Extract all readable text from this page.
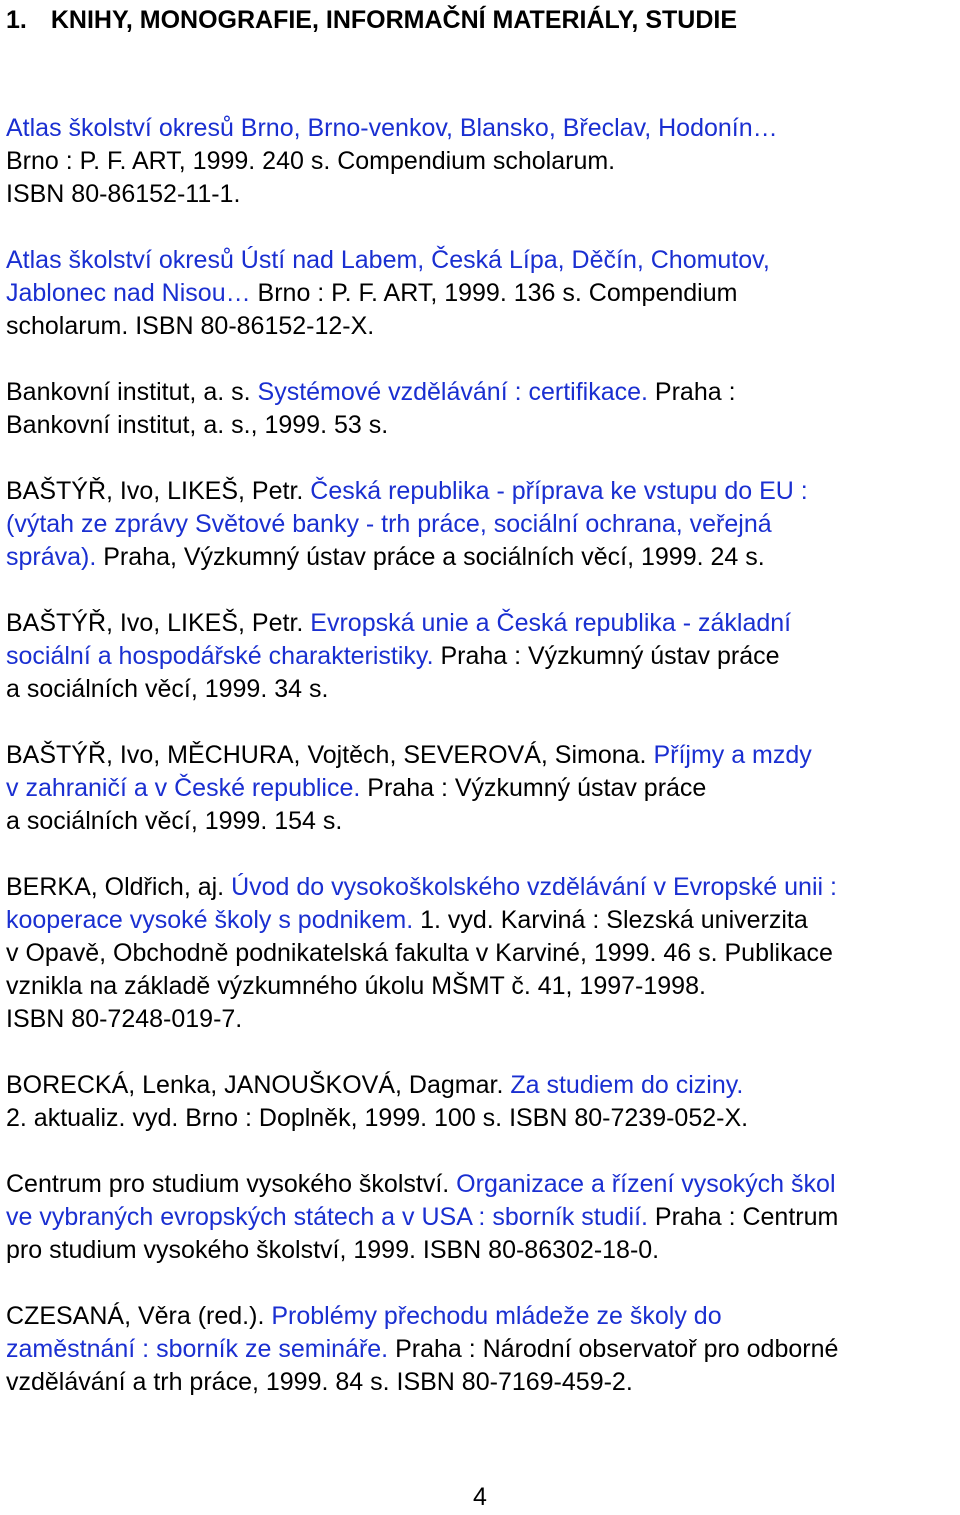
1. KNIHY, MONOGRAFIE, INFORMAČNÍ MATERIÁLY, STUDIE

Atlas školství okresů Brno, Brno-venkov, Blansko, Břeclav, Hodonín…
Brno : P. F. ART, 1999. 240 s. Compendium scholarum.
ISBN 80-86152-11-1.

Atlas školství okresů Ústí nad Labem, Česká Lípa, Děčín, Chomutov,
Jablonec nad Nisou… Brno : P. F. ART, 1999. 136 s. Compendium
scholarum. ISBN 80-86152-12-X.

Bankovní institut, a. s. Systémové vzdělávání : certifikace. Praha :
Bankovní institut, a. s., 1999. 53 s.

BAŠTÝŘ, Ivo, LIKEŠ, Petr. Česká republika - příprava ke vstupu do EU :
(výtah ze zprávy Světové banky - trh práce, sociální ochrana, veřejná
správa). Praha, Výzkumný ústav práce a sociálních věcí, 1999. 24 s.

BAŠTÝŘ, Ivo, LIKEŠ, Petr. Evropská unie a Česká republika - základní
sociální a hospodářské charakteristiky. Praha : Výzkumný ústav práce
a sociálních věcí, 1999. 34 s.

BAŠTÝŘ, Ivo, MĚCHURA, Vojtěch, SEVEROVÁ, Simona. Příjmy a mzdy
v zahraničí a v České republice. Praha : Výzkumný ústav práce
a sociálních věcí, 1999. 154 s.

BERKA, Oldřich, aj. Úvod do vysokoškolského vzdělávání v Evropské unii :
kooperace vysoké školy s podnikem. 1. vyd. Karviná : Slezská univerzita
v Opavě, Obchodně podnikatelská fakulta v Karviné, 1999. 46 s. Publikace
vznikla na základě výzkumného úkolu MŠMT č. 41, 1997-1998.
ISBN 80-7248-019-7.

BORECKÁ, Lenka, JANOUŠKOVÁ, Dagmar. Za studiem do ciziny.
2. aktualiz. vyd. Brno : Doplněk, 1999. 100 s. ISBN 80-7239-052-X.

Centrum pro studium vysokého školství. Organizace a řízení vysokých škol
ve vybraných evropských státech a v USA : sborník studií. Praha : Centrum
pro studium vysokého školství, 1999. ISBN 80-86302-18-0.

CZESANÁ, Věra (red.). Problémy přechodu mládeže ze školy do
zaměstnání : sborník ze semináře. Praha : Národní observatoř pro odborné
vzdělávání a trh práce, 1999. 84 s. ISBN 80-7169-459-2.

4
